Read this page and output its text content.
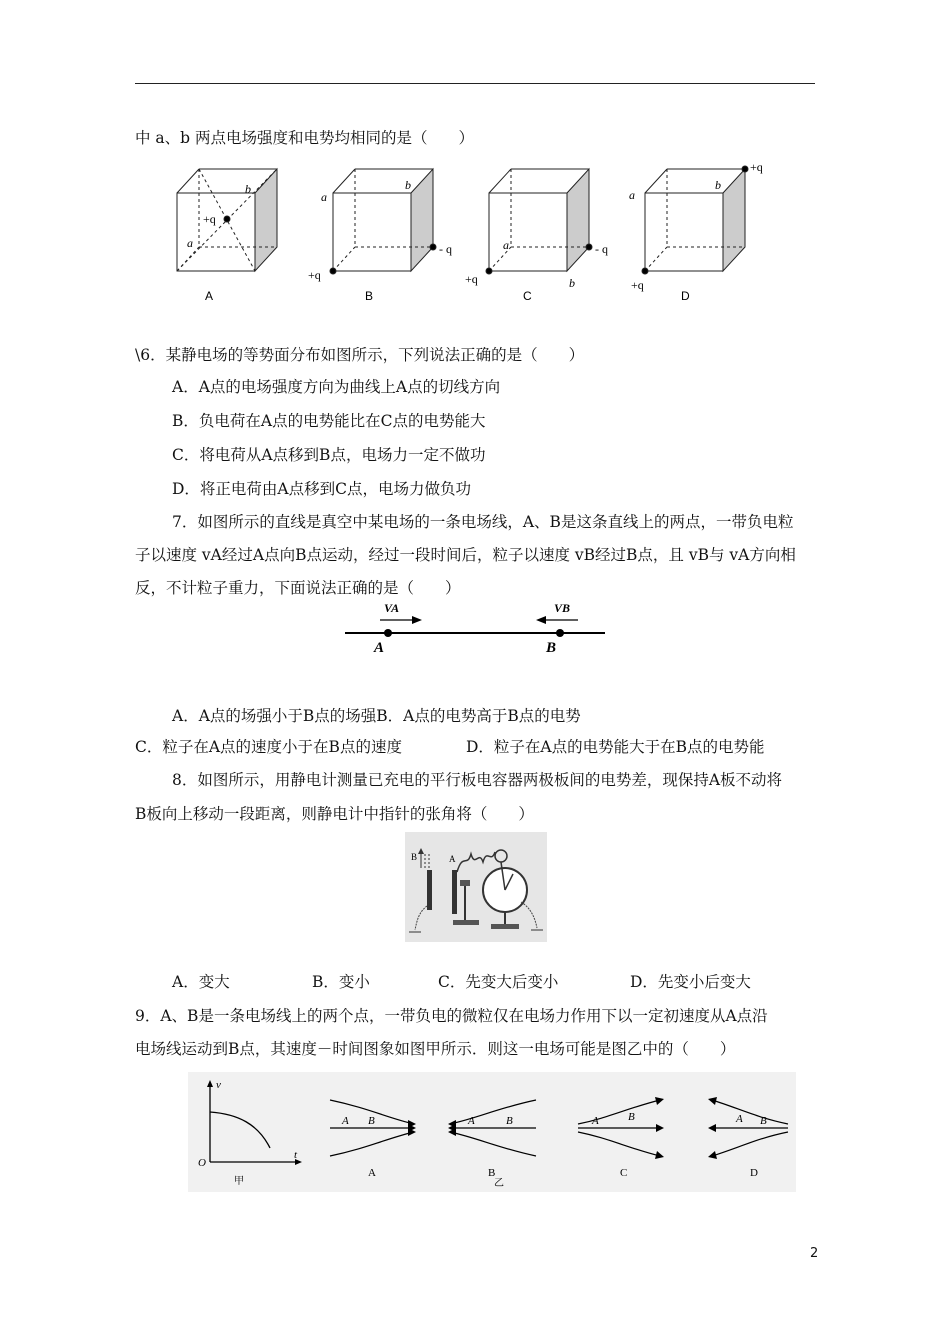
中 a、b 两点电场强度和电势均相同的是（　　）
b
a
+q
A
a
b
+q
- q
B
a
b
+q
- q
C
a
b
+q
+q
D
\6．某静电场的等势面分布如图所示，下列说法正确的是（　　）
A．A点的电场强度方向为曲线上A点的切线方向
B．负电荷在A点的电势能比在C点的电势能大
C．将电荷从A点移到B点，电场力一定不做功
D．将正电荷由A点移到C点，电场力做负功
7．如图所示的直线是真空中某电场的一条电场线，A、B是这条直线上的两点，一带负电粒
子以速度 vA经过A点向B点运动，经过一段时间后，粒子以速度 vB经过B点，且 vB与 vA方向相
反，不计粒子重力，下面说法正确的是（　　）
VA	VB
A	B
A．A点的场强小于B点的场强B．A点的电势高于B点的电势
C．粒子在A点的速度小于在B点的速度	D．粒子在A点的电势能大于在B点的电势能
8．如图所示，用静电计测量已充电的平行板电容器两极板间的电势差，现保持A板不动将
B板向上移动一段距离，则静电计中指针的张角将（　　）
B	A
A．变大	B．变小	C．先变大后变小	D．先变小后变大
9．A、B是一条电场线上的两个点，一带负电的微粒仅在电场力作用下以一定初速度从A点沿
电场线运动到B点，其速度－时间图象如图甲所示．则这一电场可能是图乙中的（　　）
v
t
O
甲	乙
A B
A
A	B
B
A	B
C
A B
D
2
